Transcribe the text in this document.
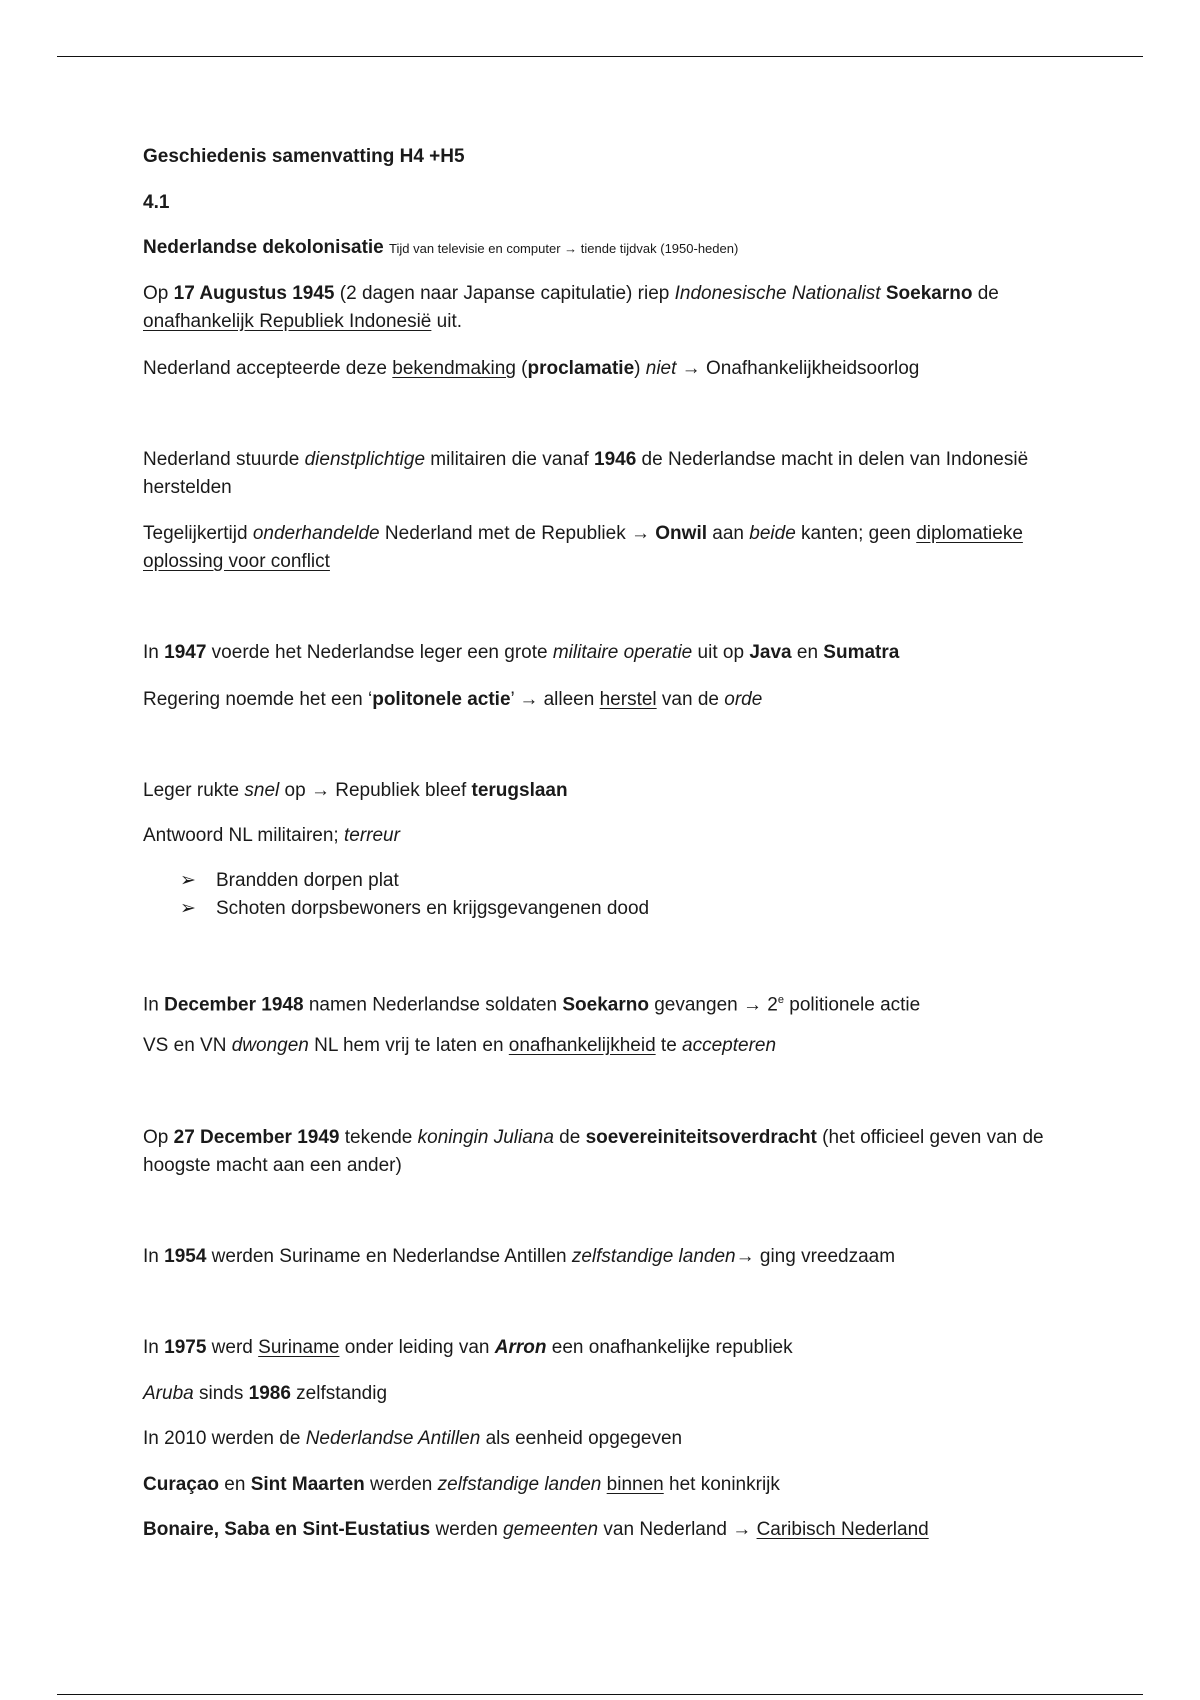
Geschiedenis samenvatting H4 +H5

4.1

Nederlandse dekolonisatie Tijd van televisie en computer → tiende tijdvak (1950-heden)

Op 17 Augustus 1945 (2 dagen naar Japanse capitulatie) riep Indonesische Nationalist Soekarno de onafhankelijk Republiek Indonesië uit.

Nederland accepteerde deze bekendmaking (proclamatie) niet → Onafhankelijkheidsoorlog

Nederland stuurde dienstplichtige militairen die vanaf 1946 de Nederlandse macht in delen van Indonesië herstelden

Tegelijkertijd onderhandelde Nederland met de Republiek → Onwil aan beide kanten; geen diplomatieke oplossing voor conflict

In 1947 voerde het Nederlandse leger een grote militaire operatie uit op Java en Sumatra

Regering noemde het een ‘politonele actie’ → alleen herstel van de orde

Leger rukte snel op → Republiek bleef terugslaan

Antwoord NL militairen; terreur

➢ Brandden dorpen plat
➢ Schoten dorpsbewoners en krijgsgevangenen dood

In December 1948 namen Nederlandse soldaten Soekarno gevangen → $2^e$ politionele actie

VS en VN dwongen NL hem vrij te laten en onafhankelijkheid te accepteren

Op 27 December 1949 tekende koningin Juliana de soevereiniteitsoverdracht (het officieel geven van de hoogste macht aan een ander)

In 1954 werden Suriname en Nederlandse Antillen zelfstandige landen→ ging vreedzaam

In 1975 werd Suriname onder leiding van Arron een onafhankelijke republiek

Aruba sinds 1986 zelfstandig

In 2010 werden de Nederlandse Antillen als eenheid opgegeven

Curaçao en Sint Maarten werden zelfstandige landen binnen het koninkrijk

Bonaire, Saba en Sint-Eustatius werden gemeenten van Nederland → Caribisch Nederland
